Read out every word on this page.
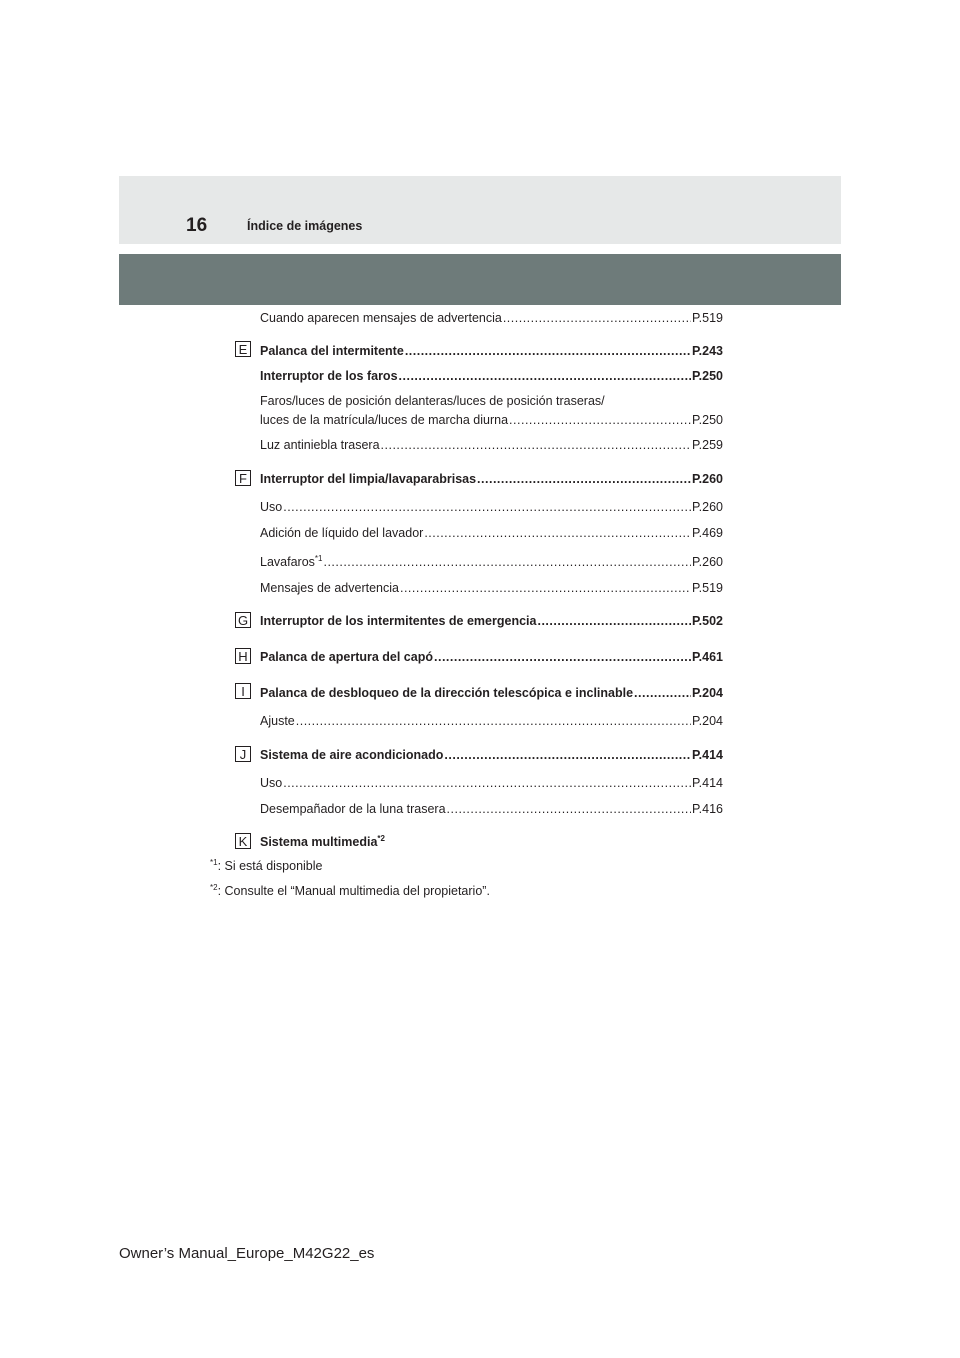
16	Índice de imágenes
Cuando aparecen mensajes de advertencia .....	P.519
E Palanca del intermitente .....	P.243
Interruptor de los faros .....	P.250
Faros/luces de posición delanteras/luces de posición traseras/
luces de la matrícula/luces de marcha diurna .....	P.250
Luz antiniebla trasera .....	P.259
F	Interruptor del limpia/lavaparabrisas .....	P.260
Uso .....	P.260
Adición de líquido del lavador .....	P.469
Lavafaros$^{*1}$ .....	P.260
Mensajes de advertencia .....	P.519
G Interruptor de los intermitentes de emergencia .....	P.502
H Palanca de apertura del capó .....	P.461
I	Palanca de desbloqueo de la dirección telescópica e inclinable .....	P.204
Ajuste .....	P.204
J	Sistema de aire acondicionado .....	P.414
Uso .....	P.414
Desempañador de la luna trasera .....	P.416
K Sistema multimedia$^{*2}$
$^{*1}$: Si está disponible
$^{*2}$: Consulte el “Manual multimedia del propietario”.
Owner’s Manual_Europe_M42G22_es
